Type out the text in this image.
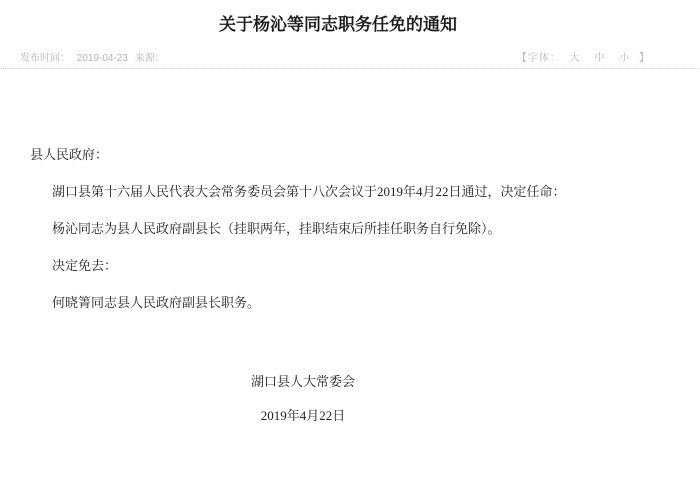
关于杨沁等同志职务任免的通知
发布时间： 2019-04-23 来源：	【字体： 大 中 小 】

县人民政府：

湖口县第十六届人民代表大会常务委员会第十八次会议于2019年4月22日通过，决定任命：

杨沁同志为县人民政府副县长（挂职两年，挂职结束后所挂任职务自行免除）。

决定免去：

何晓箐同志县人民政府副县长职务。

湖口县人大常委会

2019年4月22日
